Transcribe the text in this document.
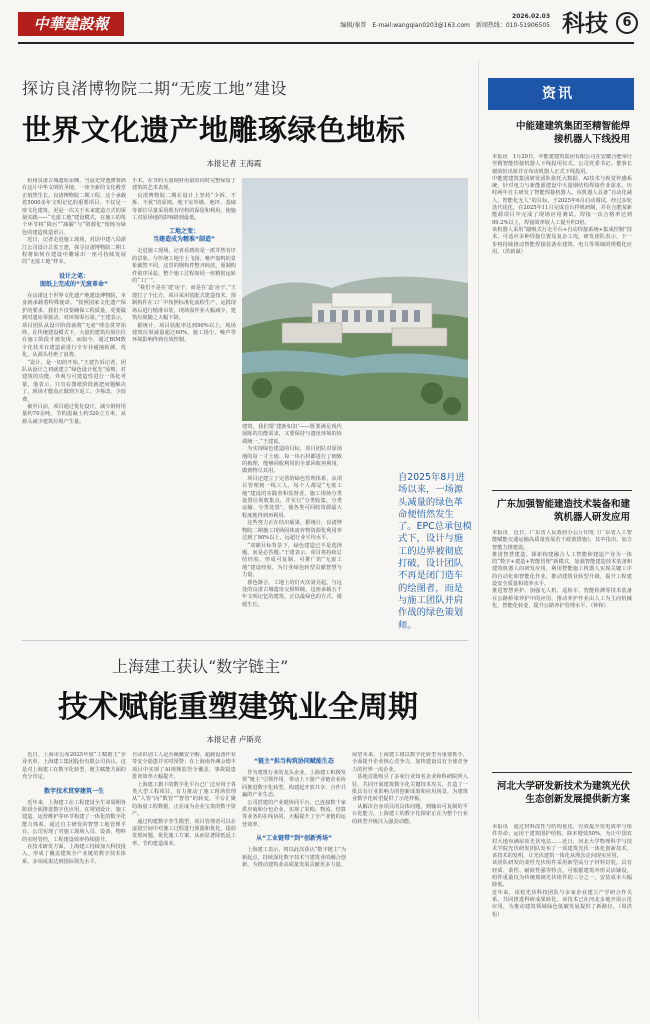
中華建設報	2026.02.03
编辑/秦普　E-mail:wangqian0203@163.com　新闻热线：010-51906505 科技	6
探访良渚博物院二期“无废工地”建设
世界文化遗产地雕琢绿色地标
本报记者 王海霞

杭州良渚古城遗址东侧，当晨光穿透薄雾洒在这片中华文明的圣地，一座全新的文化殿堂正悄然生长。良渚博物院二期工程，这个承载着5000多年文明记忆的重要项目，不仅是一座文化建筑，更是一次关于未来建造方式的深刻实践——“无废工地”建设模式，在施工的每个环节将“降污”“减碳”与“资源化”熔铸为绿色的建造筑造语言。

近日，记者走进施工现场，对话中建八局浙江公司设计总监王建，探寻良渚博物院二期工程将如何在建设中雕琢出一座可持续发展的“无废工地”样本。

设计之笔：
图纸上完成的“无废革命”

在良渚这个世界文化遗产地建设博物院，本身就承载着特殊使命。“按照国家文化遗产保护的要求，我们不仅要确保工程质量，更要做到对遗址零扰动、对环境零污染。”王建表示，项目团队从设计阶段就将“无废”理念贯穿始终，在传统建设模式下，大量的建筑垃圾往往在施工阶段才被发现，而如今，通过BIM数字化技术在建造前进行全专业碰撞检测、优化，从源头杜绝了浪费。

“设计，是一切的开始。”王建告诉记者，团队从设计之初就建立“绿色设计优先”原则，对建筑的功能、外观与可建造性进行一体化考量，他表示，只有在图纸阶段就把问题解决了，现场才能真正做到少返工、少拆改、少浪费。

截至目前，项目通过优化设计，减少钢材用量约70余吨，节约混凝土约320立方米，从源头减少建筑垃圾产生量。

手术，在节约大量钢材用量的同时完整保留了建筑的艺术表现。

良渚博物院二期在设计上坚持“少拆、不拆、不扰”的原则。地下室外墙、地坪、基础等部位尽量采用既有结构的保留和利用，使施工对原场地的影响降到最低。

工地之变：
当建造成为精准“制造”

走进施工现场，记者看到的是一派井然有序的景象。与传统工地尘土飞扬、噪声轰鸣的景象截然不同，这里的钢构件整齐码放，预制构件依序吊装，整个施工过程如同一座精密运转的“工厂”。

“我们不是在‘建’房子，而是在‘造’房子。”王建打了个比方。项目采用装配式建造技术，预制构件在工厂中按照标准化流程生产，运抵现场后进行精准吊装，现场湿作业大幅减少，建筑垃圾随之大幅下降。

据统计，项目装配率达到90%以上，现场建筑垃圾减量超过60%，施工扬尘、噪声等环境影响得到有效控制。

建筑，我们要‘建新如旧’——既要满足现代展陈的功能需求，又要保持与遗址环境的协调统一。”王建说。

为实现绿色建造的目标，项目团队对原场地的每一寸土地、每一块石材都进行了细致的梳理，能够回收利用的全部回收再利用，做到物尽其用。

项目还建立了完善的绿色管理体系，从项目管理到一线工人，每个人都是“无废工地”建设的实践者和监督者。施工现场分类设置垃圾收集点，并实行“分类收集、分类运输、分类处置”，使各类可回收资源最大程度地得到再利用。

这些努力正在结出硕果，据统计，良渚博物院二期施工现场固体废弃物资源化利用率达到了90%以上，远超行业平均水平。

“双碳目标背景下，绿色建造已不是选择题，而是必答题。”王建表示，项目将持续总结经验，形成可复制、可推广的“无废工地”建设经验，为行业绿色转型贡献智慧与力量。

暮色渐合，工地上的灯火次第亮起，与远处的良渚古城遗址交相辉映。这座承载五千年文明记忆的建筑，正以最绿色的方式，缓缓生长。

自2025年8月进场以来，一场源头减量的绿色革命便悄然发生了。EPC总承包模式下，设计与施工的边界被彻底打破，设计团队不再是闭门造车的绘图者，而是与施工团队并肩作战的绿色策划师。
上海建工获认“数字链主”
技术赋能重塑建筑业全周期
本报记者 卢斯亮

近日，上海市公布2025年度“工赋链主”企业名单，上海建工集团股份有限公司获认。这是对上海建工在数字化转型、链主赋能方面的充分肯定。

数字技术贯穿建筑一生

近年来，上海建工在工程建设全生命周期各阶段全面推进数字化应用，在规划设计、施工建造、运营维护等环节构建了一体化的数字化能力体系。通过自主研发的智慧工地管理平台，公司实现了对施工现场人员、设备、物料的实时管控，工程建设效率持续提升。

在技术研发方面，上海建工持续加大科技投入，形成了覆盖建筑全产业链的数字技术体系，多项成果达到国际领先水平。

自动识别工人是否佩戴安全帽、超载设备作业等安全隐患并实时预警；在上海南外滩会德丰项目中实现了AI视频监管全覆盖，事故隐患排查效率大幅提升。

上海建工旗下的数字化平台已广泛应用于各类大型工程项目，有力推动了施工现场管理从“人管”向“数管”“智管”的转变。平台汇聚的海量工程数据，正在成为企业宝贵的数字资产。

通过构建数字孪生模型，项目管理者可以在虚拟空间中对施工过程进行预演和优化，提前发现问题，优化施工方案，从而显著降低返工率，节约建造成本。

“链主”担当构筑协同赋能生态

作为建筑行业的龙头企业，上海建工积极发挥“链主”引领作用，带动上下游产业链企业协同推进数字化转型，构建起开放共享、合作共赢的产业生态。

公司搭建的产业链协同平台，已连接数千家供应商和分包企业，实现了采购、物流、结算等业务的在线协同，大幅提升了全产业链的运营效率。

从“工业链带”到“创新秀场”

上海建工表示，将以此次获认“数字链主”为新起点，持续深化数字技术与建筑业的融合创新，为推动建筑业高质量发展贡献更多力量。

展望未来，上海建工将以数字化转型为重要抓手，全面提升企业核心竞争力，加快建设具有全球竞争力的世界一流企业。

基地首批吸引了多家行业知名企业和科研院所入驻，共同开展建筑数字化关键技术攻关，打造了一批具有行业影响力的创新成果和应用场景，为建筑业数字化转型提供了示范样板。

从解决自身项目的具体问题，到输出可复制的平台化能力，上海建工的数字化探索正在为整个行业的转型升级注入强劲动能。

资讯
中能建建筑集团至精智能焊接机器人下线投用
本报讯　1月29日，中能建建筑集团有限公司在安徽合肥举行至精智能焊接机器人下线投用仪式。公司党委书记、董事长谢效恒出席并宣布该机器人正式下线投用。
中能建建筑集团研发团队依托大数据、AI技术与视觉传感系统，针对电力与新能源建设中大量钢结构焊接作业需求，历时两年自主研发了智能焊接机器人。该机器人具备“自动化减人、智能化无人”的目标，于2025年6月启动调试，经过多轮迭代优化，在2025年11月完成首台样机研制，并在合肥某新能源项目中完成了现场应用测试。焊接一次合格率达到99.2%以上，焊接效率较人工提升约3倍。
该机器人采用“磁吸式行走平台+自动焊接系统+集成控制”技术，可适应多种焊接位置及复杂工况。研发团队表示，下一步将持续推动智能焊接装备在建筑、电力等领域的规模化应用。（洪新谋）
广东加强智能建造技术装备和建筑机器人研发应用
本报讯　近日，广东省人民政府办公厅印发《广东省人工智能赋能交通运输高质量发展若干政策措施》，其中指出，加力智能力推建设。
推进智慧建造。探索构建融合人工智能和建造产业为一体的“数字+建造+智能管理”新模式，加强智能建造技术装备和建筑机器人的研发应用，利用智能施工机器人实现关键工序的自动化和智能化作业，推动建筑业转型升级，提升工程建设安全质量和效率水平。
推进智慧养护。加强无人机、巡检车、智能检测等技术装备在公路桥梁养护中的应用，推动养护作业由人工为主向机械化、智能化转变，提升公路养护管理水平。（钟和）
河北大学研发新技术为建筑光伏生态创新发展提供新方案
本报讯　通过材料改性与结构优化，有效提升发电效率与组件寿命；运用于建筑围护结构，降本增效50%，为让中国农村大地布满屋顶光伏电站……近日，河北大学物理科学与技术学院光伏研发团队发布了一项建筑光伏一体化创新技术，该技术的发明，让光伏建筑一体化从理念走向现实应用。
该团队研发的柔性光伏组件采用新型高分子材料封装，具有轻质、柔性、耐候性强等特点，可根据建筑外形灵活铺设，组件重量仅为传统玻璃光伏组件的三分之一，安装成本大幅降低。
近年来，该校光伏科技团队与多家企业建立产学研合作关系，共同推进科研成果转化。该技术已在河北多地开展示范应用，为推动建筑领域绿色低碳发展提供了新路径。（周洪松）
